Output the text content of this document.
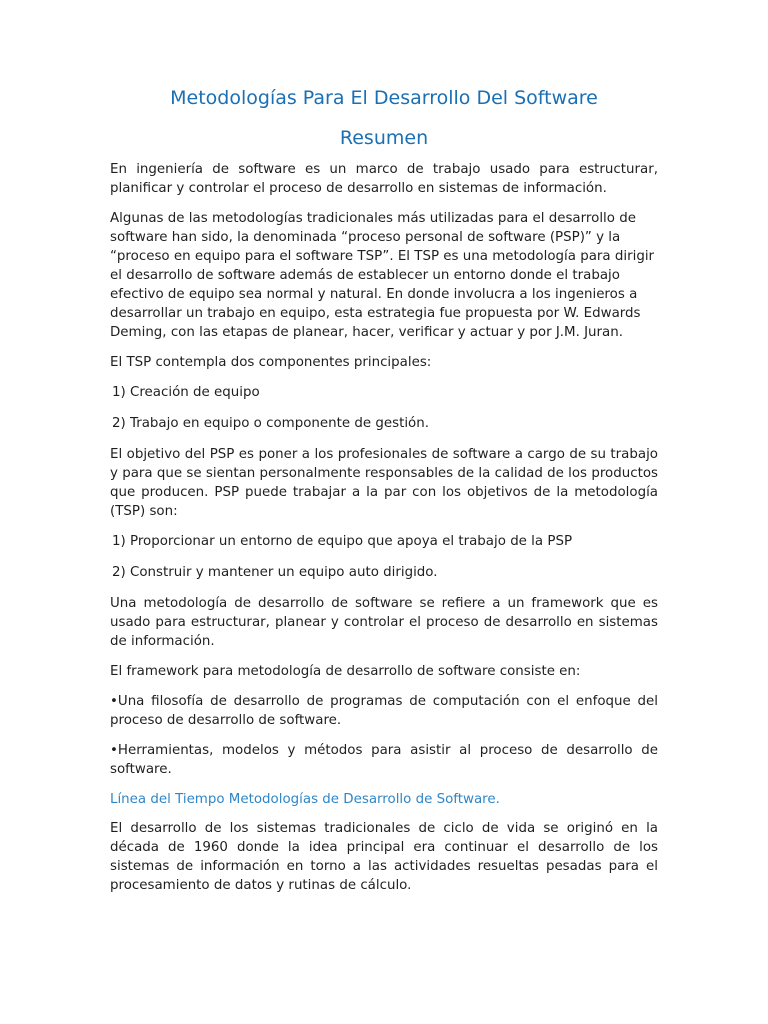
Metodologías Para El Desarrollo Del Software
Resumen

En ingeniería de software es un marco de trabajo usado para estructurar, planificar y controlar el proceso de desarrollo en sistemas de información.

Algunas de las metodologías tradicionales más utilizadas para el desarrollo de software han sido, la denominada “proceso personal de software (PSP)” y la “proceso en equipo para el software TSP”. El TSP es una metodología para dirigir el desarrollo de software además de establecer un entorno donde el trabajo efectivo de equipo sea normal y natural. En donde involucra a los ingenieros a desarrollar un trabajo en equipo, esta estrategia fue propuesta por W. Edwards Deming, con las etapas de planear, hacer, verificar y actuar y por J.M. Juran.

El TSP contempla dos componentes principales:

1) Creación de equipo

2) Trabajo en equipo o componente de gestión.

El objetivo del PSP es poner a los profesionales de software a cargo de su trabajo y para que se sientan personalmente responsables de la calidad de los productos que producen. PSP puede trabajar a la par con los objetivos de la metodología (TSP) son:

1) Proporcionar un entorno de equipo que apoya el trabajo de la PSP

2) Construir y mantener un equipo auto dirigido.

Una metodología de desarrollo de software se refiere a un framework que es usado para estructurar, planear y controlar el proceso de desarrollo en sistemas de información.

El framework para metodología de desarrollo de software consiste en:

•Una filosofía de desarrollo de programas de computación con el enfoque del proceso de desarrollo de software.

•Herramientas, modelos y métodos para asistir al proceso de desarrollo de software.

Línea del Tiempo Metodologías de Desarrollo de Software.

El desarrollo de los sistemas tradicionales de ciclo de vida se originó en la década de 1960 donde la idea principal era continuar el desarrollo de los sistemas de información en torno a las actividades resueltas pesadas para el procesamiento de datos y rutinas de cálculo.
